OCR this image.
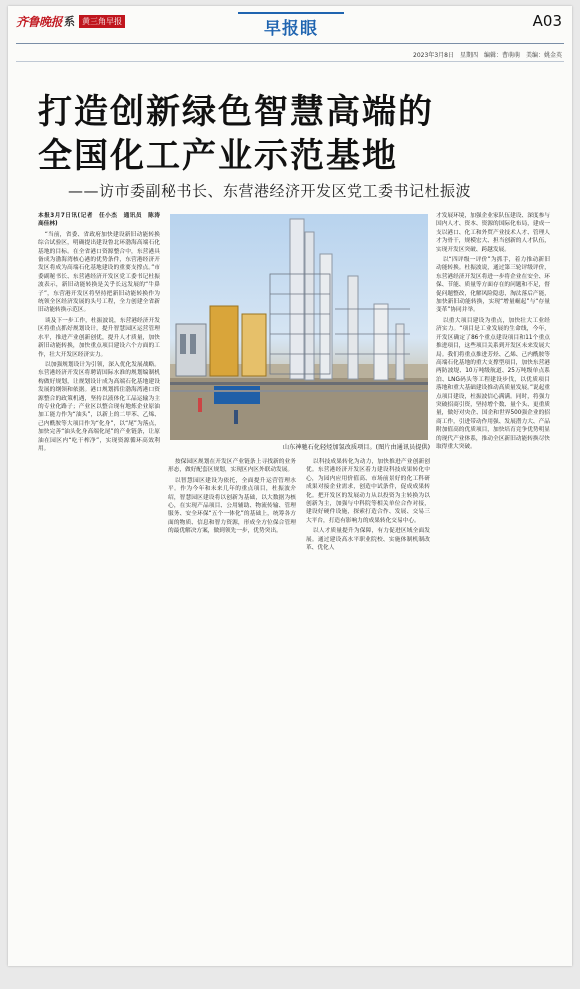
齐鲁晚报 系 黄三角早报	早报眼	A03
2023年3月8日 星期四 编辑：曹萌萌 美编：姚金英
打造创新绿色智慧高端的
全国化工产业示范基地
——访市委副秘书长、东营港经济开发区党工委书记杜振波

本报3月7日讯(记者　任小杰　通讯员　陈涛　高佳林)

“当前，省委、省政府加快建设新旧动能转换综合试验区，明确提出建设鲁北环渤海高端石化基地的目标。在全省港口资源整合中，东营港具备成为渤海湾核心港的优势条件，东营港经济开发区将成为高端石化基地建设的重要支撑点。”市委副秘书长、东营港经济开发区党工委书记杜振波表示，新旧动能转换是关乎长远发展的“牛鼻子”，东营港开发区将坚持把新旧动能转换作为统领全区经济发展的头号工程，全力创建全省新旧动能转换示范区。

谈及下一步工作，杜振波说，东营港经济开发区将重点抓好规划设计，提升智慧园区运营管理水平，推进产业创新创优，提升人才质量，加快新旧动能转换，加快重点项目建设六个方面的工作，壮大开发区经济实力。

以加强规划设计为引领，深入优化发展战略。东营港经济开发区将聘请国际水准的规划编制机构做好规划，让规划设计成为高端石化基地建设发展的纲领和依据。港口规划抓住渤海湾港口资源整合的政策机遇，坚持以液体化工品运输为主的专业化路子；产业区以整合现有地炼企业原油加工能力作为“油头”，以新上的二甲苯、乙烯、己内酰胺等大项目作为“化身”，以“尾”为落点，加快完善“油头化身高端化尾”的产业链条，让原油在园区内“吃干榨净”，实现资源循环高效利用。	山东神驰石化轻烃加氢改质项目。(图片由通讯员提供)

按保园区规划在开发区产业链条上寻找新的业务形态，做好配套区规划，实现区内区外联动发展。

以智慧园区建设为依托，全面提升运营管理水平。作为今年和未来几年的重点项目，杜振波介绍，智慧园区建设将以创新为基础，以大数据为核心，在实现产品项目、公用辅助、物流传输、管理服务、安全环保“五个一体化”的基础上，统筹各方面的物质、信息和智力资源，形成全方位保合管理的最优解决方案，做到领先一步，优势突出。

以科技成果转化为动力，加快推进产业创新创优。东营港经济开发区着力建设科技成果转化中心，为园内应用价值高、市场前景好的化工科研成果对接企业需求，创造中试条件，促成成果转化。把开发区的发展动力从以投资为主转换为以创新为主，加强与中科院等相关单位合作对接，建设好硬件设施，探索打造合作、发展、交易三大平台，打造有影响力的成果转化交易中心。

以人才质量提升为保障，有力促进区域全面发展。通过建设高水平职业院校、实施体制机制改革、优化人

才发展环境，加强企业家队伍建设、深度参与国内人才、资本、资源的国际化布局，建成一支以港口、化工和外贸产业技术人才、管理人才为骨干，规模宏大、担当创新的人才队伍，实现开发区突破、跨越发展。

以“四评级一评价”为抓手，着力推动新旧动能转换。杜振波说，通过第三轮评级评价，东营港经济开发区将进一步将企业在安全、环保、节能、质量等方面存在的问题和不足，督促问题整改，化解风险隐患，淘汰落后产能，加快新旧动能转换，实现“增量崛起”与“存量变革”协同并举。

以重大项目建设为重点，加快壮大工业经济实力。“项目是工业发展的生命线，今年，开发区确定了86个重点建设项目和11个重点推进项目，这些项目关系到开发区未来发展大局。我们将重点推进芳烃、乙烯、己内酰胺等高端石化基地的重大支撑型项目，加快东营港两防波堤、10万吨级航道、25万吨级单点系泊、LNG码头等工程建设步伐，以优质项目落地和重大基础建设推动高质量发展。”说起重点项目建设，杜振波信心满满。同时，将强力突破招商引资，坚持增个数、量个头、更重质量，做好对央企、国企和世界500强企业的招商工作，引进带动作用强、发展潜力大、产品附加值高的优质项目，加快培育竞争优势明显的现代产业体系，推动全区新旧动能转换尽快取得重大突破。
